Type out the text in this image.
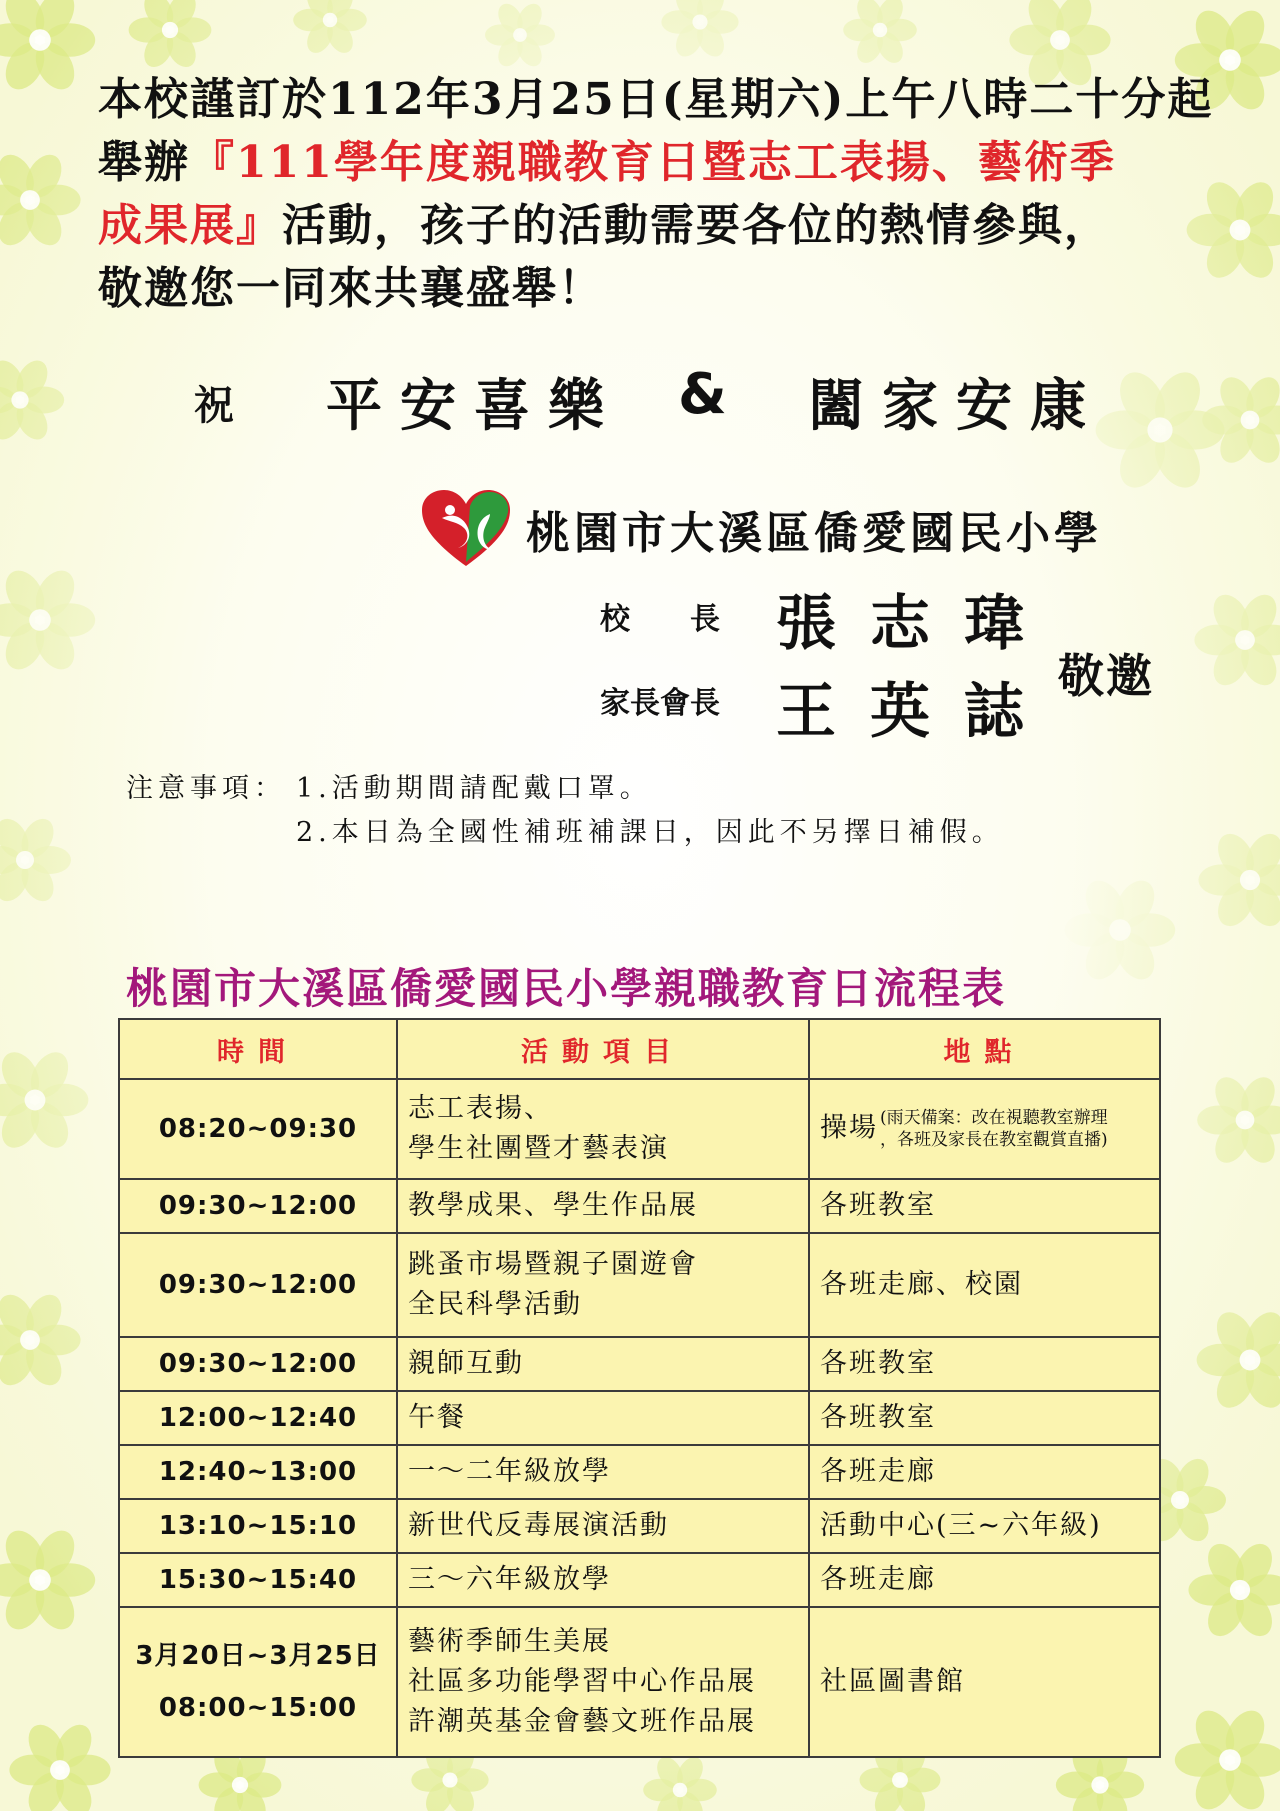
本校謹訂於112年3月25日(星期六)上午八時二十分起
舉辦『111學年度親職教育日暨志工表揚、藝術季
成果展』活動，孩子的活動需要各位的熱情參與，
敬邀您一同來共襄盛舉！
祝 平安喜樂 & 闔家安康
桃園市大溪區僑愛國民小學
校　　長 張志瑋
家長會長 王英誌
敬邀
注意事項： 1.活動期間請配戴口罩。
2.本日為全國性補班補課日，因此不另擇日補假。
桃園市大溪區僑愛國民小學親職教育日流程表
時間	活動項目	地點

08:20~09:30	志工表揚、
學生社團暨才藝表演	操場 (雨天備案：改在視聽教室辦理
，各班及家長在教室觀賞直播)

09:30~12:00	教學成果、學生作品展	各班教室

09:30~12:00	跳蚤市場暨親子園遊會
全民科學活動	各班走廊、校園

09:30~12:00	親師互動	各班教室

12:00~12:40	午餐	各班教室

12:40~13:00	一～二年級放學	各班走廊

13:10~15:10	新世代反毒展演活動	活動中心(三~六年級)

15:30~15:40	三～六年級放學	各班走廊

3月20日~3月25日
08:00~15:00	藝術季師生美展
社區多功能學習中心作品展
許潮英基金會藝文班作品展	社區圖書館
